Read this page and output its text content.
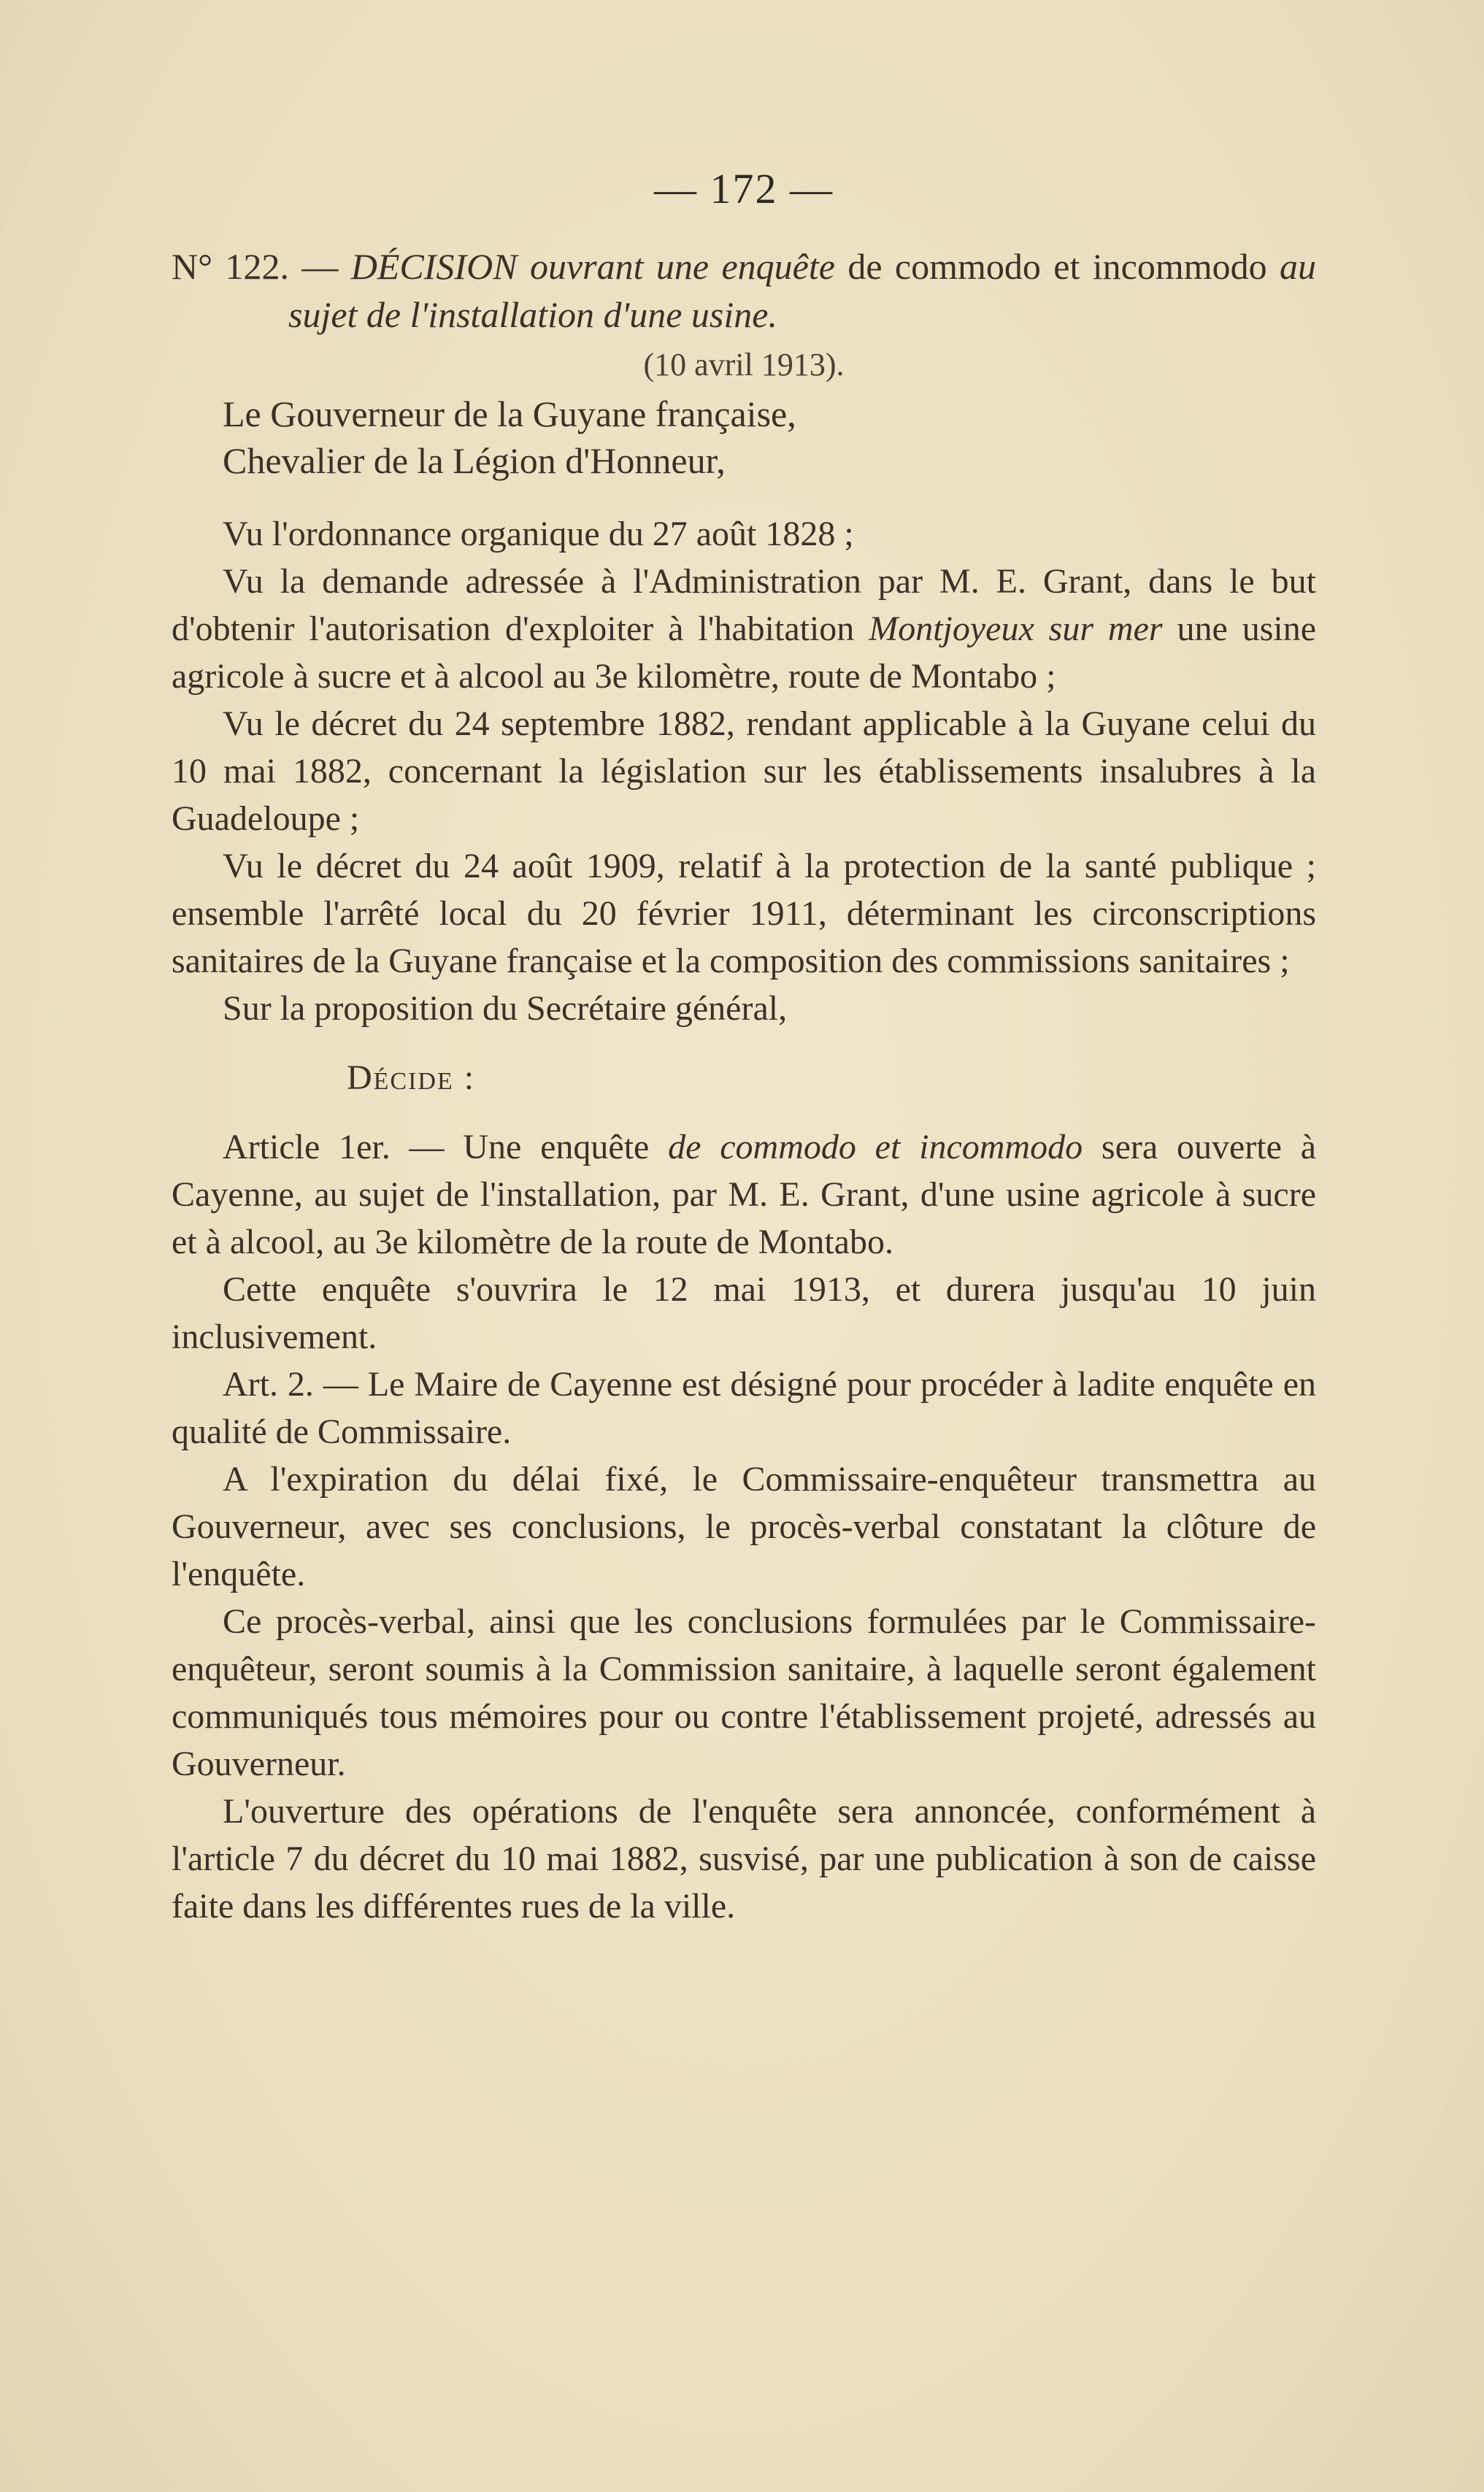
— 172 —

N° 122. — DÉCISION ouvrant une enquête de commodo et incommodo au sujet de l'installation d'une usine.

(10 avril 1913).
Le Gouverneur de la Guyane française,
Chevalier de la Légion d'Honneur,

Vu l'ordonnance organique du 27 août 1828 ;

Vu la demande adressée à l'Administration par M. E. Grant, dans le but d'obtenir l'autorisation d'exploiter à l'habitation Montjoyeux sur mer une usine agricole à sucre et à alcool au 3e kilomètre, route de Montabo ;

Vu le décret du 24 septembre 1882, rendant applicable à la Guyane celui du 10 mai 1882, concernant la législation sur les établissements insalubres à la Guadeloupe ;

Vu le décret du 24 août 1909, relatif à la protection de la santé publique ; ensemble l'arrêté local du 20 février 1911, déterminant les circonscriptions sanitaires de la Guyane française et la composition des commissions sanitaires ;

Sur la proposition du Secrétaire général,

Décide :

Article 1er. — Une enquête de commodo et incommodo sera ouverte à Cayenne, au sujet de l'installation, par M. E. Grant, d'une usine agricole à sucre et à alcool, au 3e kilomètre de la route de Montabo.

Cette enquête s'ouvrira le 12 mai 1913, et durera jusqu'au 10 juin inclusivement.

Art. 2. — Le Maire de Cayenne est désigné pour procéder à ladite enquête en qualité de Commissaire.

A l'expiration du délai fixé, le Commissaire-enquêteur transmettra au Gouverneur, avec ses conclusions, le procès-verbal constatant la clôture de l'enquête.

Ce procès-verbal, ainsi que les conclusions formulées par le Commissaire-enquêteur, seront soumis à la Commission sanitaire, à laquelle seront également communiqués tous mémoires pour ou contre l'établissement projeté, adressés au Gouverneur.

L'ouverture des opérations de l'enquête sera annoncée, conformément à l'article 7 du décret du 10 mai 1882, susvisé, par une publication à son de caisse faite dans les différentes rues de la ville.
